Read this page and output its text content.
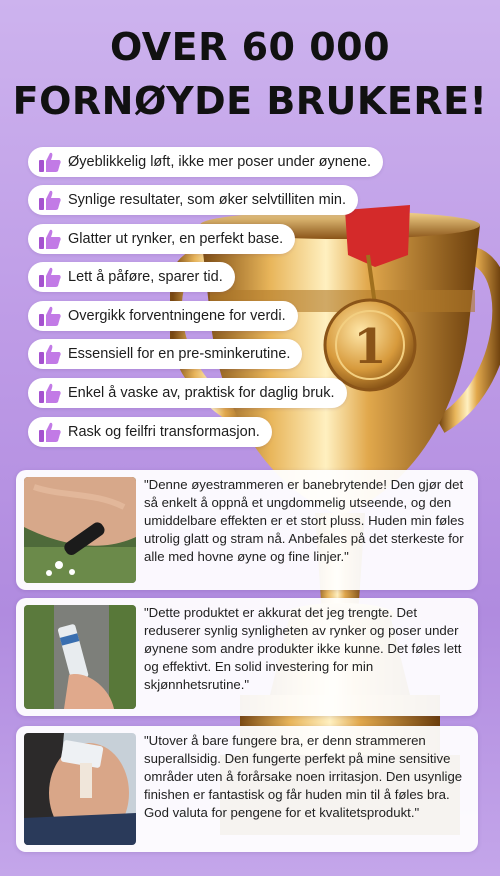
1
OVER 60 000
FORNØYDE BRUKERE!
Øyeblikkelig løft, ikke mer poser under øynene.
Synlige resultater, som øker selvtilliten min.
Glatter ut rynker, en perfekt base.
Lett å påføre, sparer tid.
Overgikk forventningene for verdi.
Essensiell for en pre-sminkerutine.
Enkel å vaske av, praktisk for daglig bruk.
Rask og feilfri transformasjon.
"Denne øyestrammeren er banebrytende! Den gjør det så enkelt å oppnå et ungdommelig utseende, og den umiddelbare effekten er et stort pluss. Huden min føles utrolig glatt og stram nå. Anbefales på det sterkeste for alle med hovne øyne og fine linjer."
"Dette produktet er akkurat det jeg trengte. Det reduserer synlig synligheten av rynker og poser under øynene som andre produkter ikke kunne. Det føles lett og effektivt. En solid investering for min skjønnhetsrutine."
"Utover å bare fungere bra, er denn strammeren superallsidig. Den fungerte perfekt på mine sensitive områder uten å forårsake noen irritasjon. Den usynlige finishen er fantastisk og får huden min til å føles bra. God valuta for pengene for et kvalitetsprodukt."
